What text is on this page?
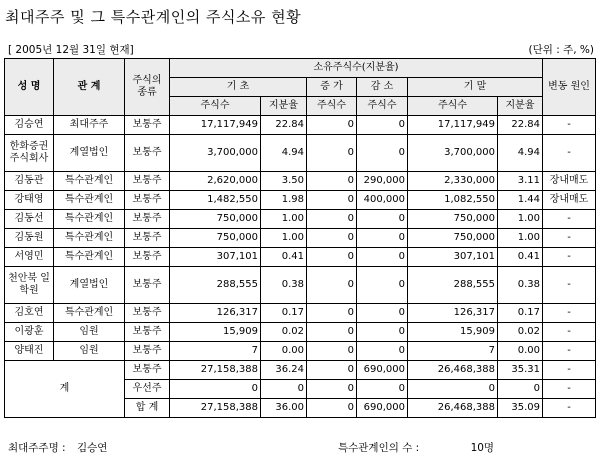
최대주주 및 그 특수관계인의 주식소유 현황
[ 2005년 12월 31일 현재]	(단위 : 주, %)
성 명	관 계	주식의 종류	소유주식수(지분율)						변동 원인
			기 초		증 가	감 소	기 말		
			주식수	지분율	주식수	주식수	주식수	지분율	
김승연	최대주주	보통주	17,117,949	22.84	0	0	17,117,949	22.84	-
한화증권 주식회사	계열법인	보통주	3,700,000	4.94	0	0	3,700,000	4.94	-
김동관	특수관계인	보통주	2,620,000	3.50	0	290,000	2,330,000	3.11	장내매도
강태영	특수관계인	보통주	1,482,550	1.98	0	400,000	1,082,550	1.44	장내매도
김동선	특수관계인	보통주	750,000	1.00	0	0	750,000	1.00	-
김동원	특수관계인	보통주	750,000	1.00	0	0	750,000	1.00	-
서영민	특수관계인	보통주	307,101	0.41	0	0	307,101	0.41	-
천안북 일학원	계열법인	보통주	288,555	0.38	0	0	288,555	0.38	-
김호연	특수관계인	보통주	126,317	0.17	0	0	126,317	0.17	-
이광훈	임원	보통주	15,909	0.02	0	0	15,909	0.02	-
양태진	임원	보통주	7	0.00	0	0	7	0.00	-
계		보통주	27,158,388	36.24	0	690,000	26,468,388	35.31	-
		우선주	0	0	0	0	0	0	-
		합 계	27,158,388	36.00	0	690,000	26,468,388	35.09	-
최대주주명 : 김승연	특수관계인의 수 :	10명
